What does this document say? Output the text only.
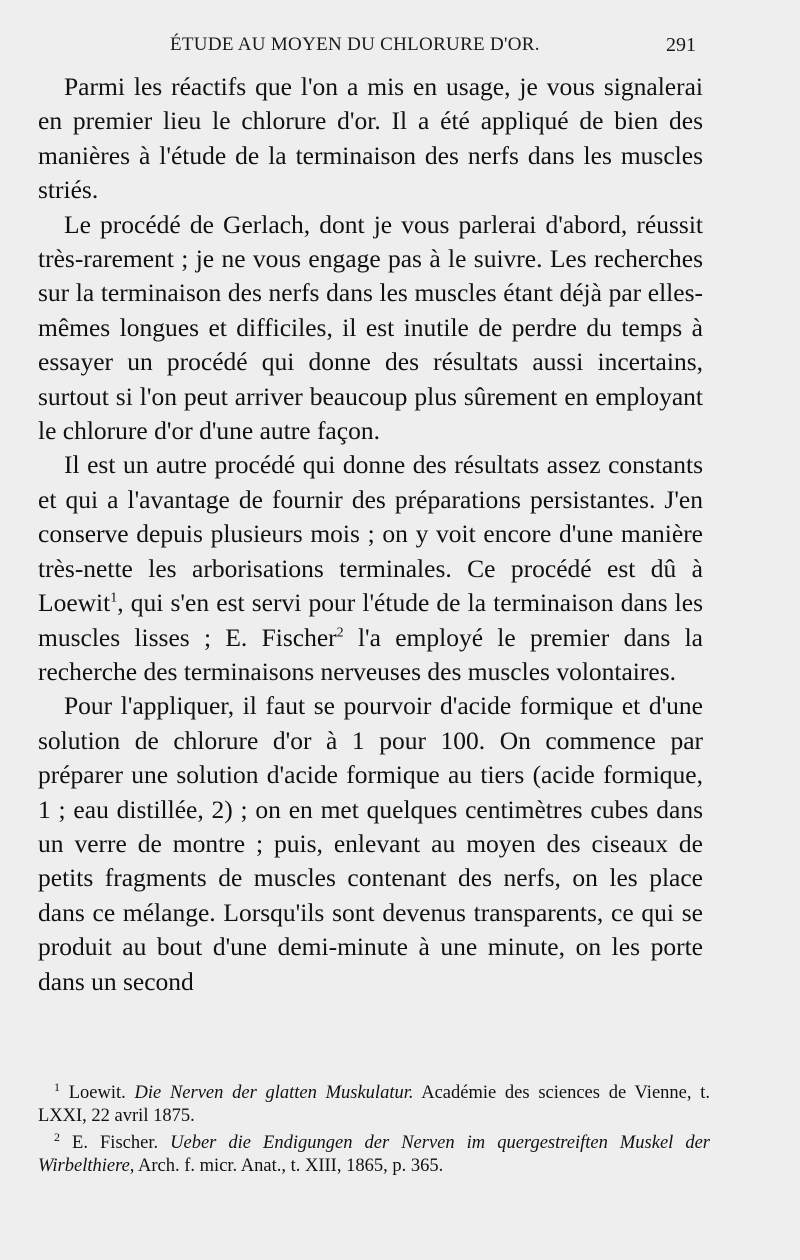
ÉTUDE AU MOYEN DU CHLORURE D'OR.	291

Parmi les réactifs que l'on a mis en usage, je vous signalerai en premier lieu le chlorure d'or. Il a été appliqué de bien des manières à l'étude de la terminaison des nerfs dans les muscles striés.

Le procédé de Gerlach, dont je vous parlerai d'abord, réussit très-rarement ; je ne vous engage pas à le suivre. Les recherches sur la terminaison des nerfs dans les muscles étant déjà par elles-mêmes longues et difficiles, il est inutile de perdre du temps à essayer un procédé qui donne des résultats aussi incertains, surtout si l'on peut arriver beaucoup plus sûrement en employant le chlorure d'or d'une autre façon.

Il est un autre procédé qui donne des résultats assez constants et qui a l'avantage de fournir des préparations persistantes. J'en conserve depuis plusieurs mois ; on y voit encore d'une manière très-nette les arborisations terminales. Ce procédé est dû à Loewit$^1$, qui s'en est servi pour l'étude de la terminaison dans les muscles lisses ; E. Fischer$^2$ l'a employé le premier dans la recherche des terminaisons nerveuses des muscles volontaires.

Pour l'appliquer, il faut se pourvoir d'acide formique et d'une solution de chlorure d'or à 1 pour 100. On commence par préparer une solution d'acide formique au tiers (acide formique, 1 ; eau distillée, 2) ; on en met quelques centimètres cubes dans un verre de montre ; puis, enlevant au moyen des ciseaux de petits fragments de muscles contenant des nerfs, on les place dans ce mélange. Lorsqu'ils sont devenus transparents, ce qui se produit au bout d'une demi-minute à une minute, on les porte dans un second

$^1$ Loewit. Die Nerven der glatten Muskulatur. Académie des sciences de Vienne, t. LXXI, 22 avril 1875.

$^2$ E. Fischer. Ueber die Endigungen der Nerven im quergestreiften Muskel der Wirbelthiere, Arch. f. micr. Anat., t. XIII, 1865, p. 365.
